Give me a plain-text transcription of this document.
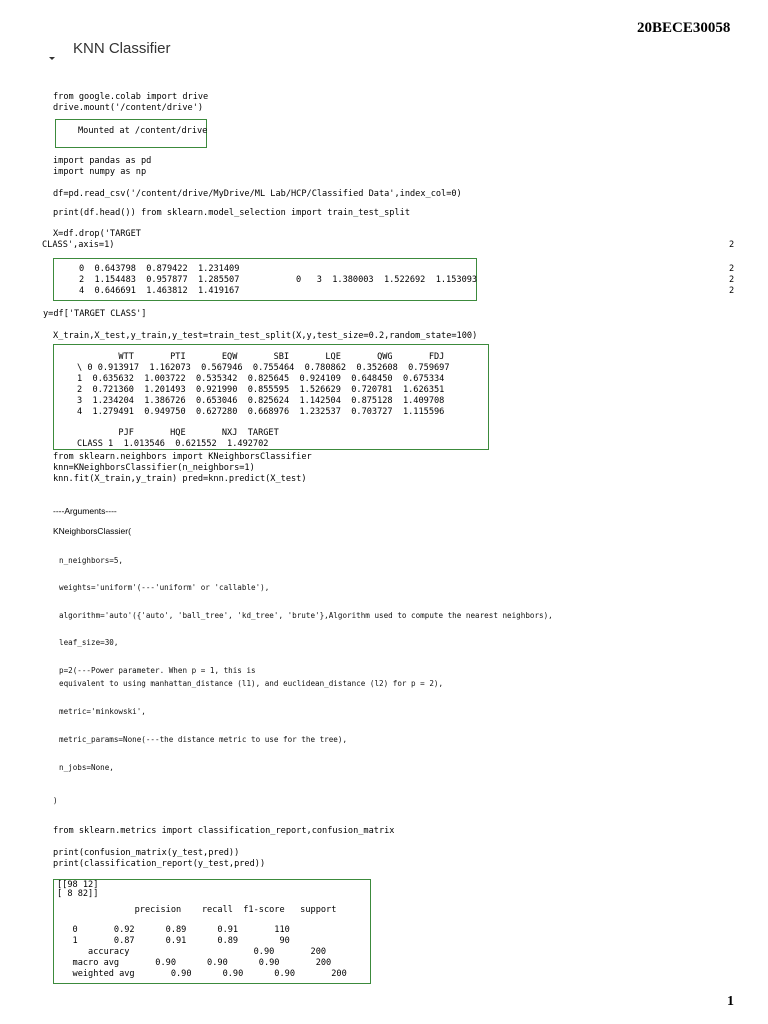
20BECE30058
KNN Classifier
from google.colab import drive
drive.mount('/content/drive')
Mounted at /content/drive
import pandas as pd
import numpy as np
df=pd.read_csv('/content/drive/MyDrive/ML Lab/HCP/Classified Data',index_col=0)
print(df.head()) from sklearn.model_selection import train_test_split
X=df.drop('TARGET
CLASS',axis=1)	2
2
2
2
0  0.643798  0.879422  1.231409
2  1.154483  0.957877  1.285507
4  0.646691  1.463812  1.419167
0   3  1.380003  1.522692  1.153093
y=df['TARGET CLASS']
X_train,X_test,y_train,y_test=train_test_split(X,y,test_size=0.2,random_state=100)
WTT       PTI       EQW       SBI       LQE       QWG       FDJ
\ 0 0.913917  1.162073  0.567946  0.755464  0.780862  0.352608  0.759697
1  0.635632  1.003722  0.535342  0.825645  0.924109  0.648450  0.675334
2  0.721360  1.201493  0.921990  0.855595  1.526629  0.720781  1.626351
3  1.234204  1.386726  0.653046  0.825624  1.142504  0.875128  1.409708
4  1.279491  0.949750  0.627280  0.668976  1.232537  0.703727  1.115596
PJF       HQE       NXJ  TARGET
CLASS 1  1.013546  0.621552  1.492702
from sklearn.neighbors import KNeighborsClassifier
knn=KNeighborsClassifier(n_neighbors=1)
knn.fit(X_train,y_train) pred=knn.predict(X_test)
----Arguments----
KNeighborsClassier(
n_neighbors=5,
weights='uniform'(---'uniform' or 'callable'),
algorithm='auto'({'auto', 'ball_tree', 'kd_tree', 'brute'},Algorithm used to compute the nearest neighbors),
leaf_size=30,
p=2(---Power parameter. When p = 1, this is
equivalent to using manhattan_distance (l1), and euclidean_distance (l2) for p = 2),
metric='minkowski',
metric_params=None(---the distance metric to use for the tree),
n_jobs=None,
)
from sklearn.metrics import classification_report,confusion_matrix
print(confusion_matrix(y_test,pred))
print(classification_report(y_test,pred))
[[98 12]
[ 8 82]]
precision    recall  f1-score   support
0       0.92      0.89      0.91       110
1       0.87      0.91      0.89        90
accuracy                        0.90       200
macro avg       0.90      0.90      0.90       200
weighted avg       0.90      0.90      0.90       200
1
